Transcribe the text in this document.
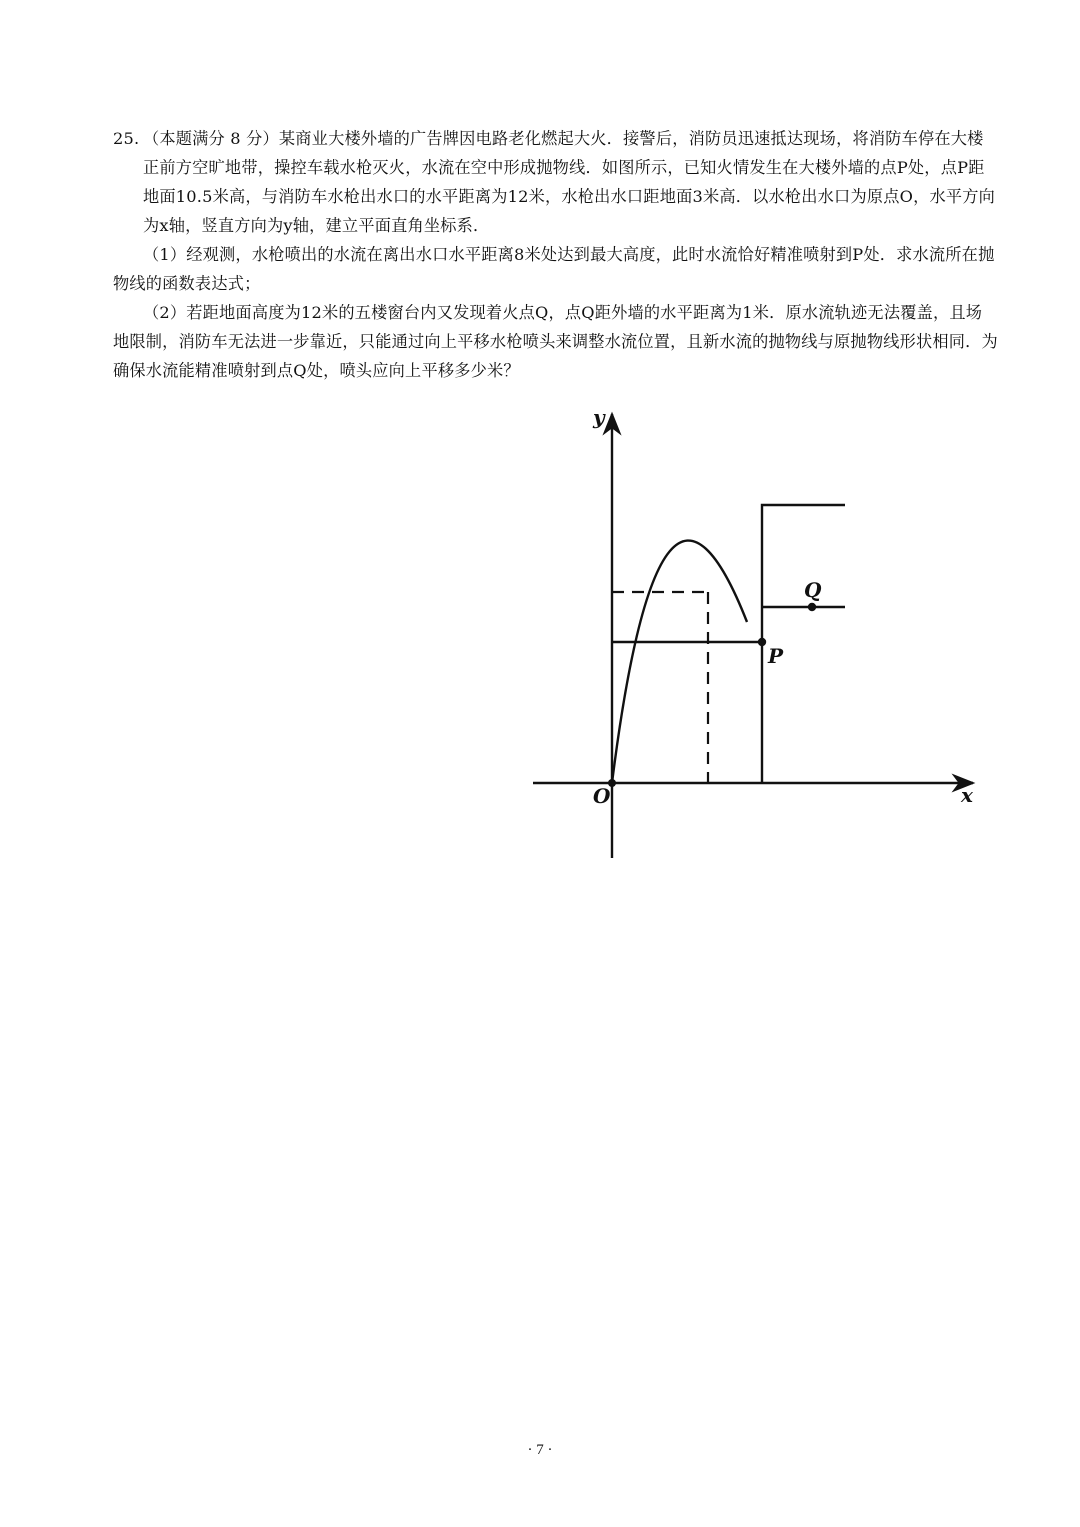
25. （本题满分 8 分）某商业大楼外墙的广告牌因电路老化燃起大火．接警后，消防员迅速抵达现场，将消防车停在大楼正前方空旷地带，操控车载水枪灭火，水流在空中形成抛物线．如图所示，已知火情发生在大楼外墙的点P处，点P距地面10.5米高，与消防车水枪出水口的水平距离为12米，水枪出水口距地面3米高．以水枪出水口为原点O，水平方向为x轴，竖直方向为y轴，建立平面直角坐标系．

（1）经观测，水枪喷出的水流在离出水口水平距离8米处达到最大高度，此时水流恰好精准喷射到P处．求水流所在抛物线的函数表达式；

（2）若距地面高度为12米的五楼窗台内又发现着火点Q，点Q距外墙的水平距离为1米．原水流轨迹无法覆盖，且场地限制，消防车无法进一步靠近，只能通过向上平移水枪喷头来调整水流位置，且新水流的抛物线与原抛物线形状相同．为确保水流能精准喷射到点Q处，喷头应向上平移多少米？

y
x
O
P
Q
· 7 ·
